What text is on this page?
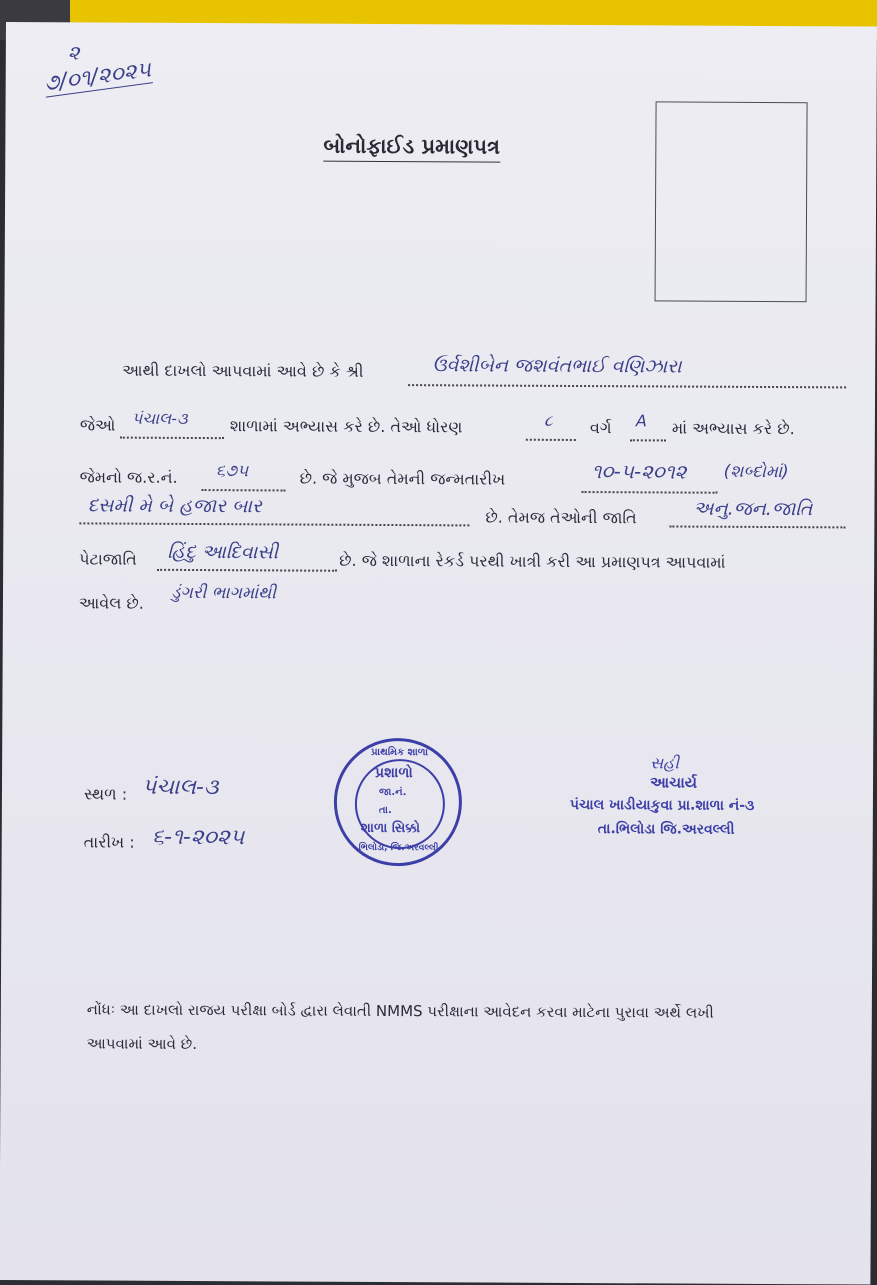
૨
૭/૦૧/૨૦૨૫
બોનોફાઈડ પ્રમાણપત્ર
આથી દાખલો આપવામાં આવે છે કે શ્રી	ઉર્વશીબેન જશવંતભાઈ વણિઝારા
જેઓ પંચાલ-૩	શાળામાં અભ્યાસ કરે છે. તેઓ ધોરણ	૮ વર્ગ A માં અભ્યાસ કરે છે.
જેમનો જ.ર.નં. ૬૭૫	છે. જે મુજબ તેમની જન્મતારીખ	૧૦-૫-૨૦૧૨ (શબ્દોમાં)
દસમી મે બે હજાર બાર
છે. તેમજ તેઓની જાતિ	અનુ.જન.જાતિ
પેટાજાતિ હિંદુ આદિવાસી	છે. જે શાળાના રેકર્ડ પરથી ખાત્રી કરી આ પ્રમાણપત્ર આપવામાં
આવેલ છે. ડુંગરી ભાગમાંથી
સ્થળ : પંચાલ-૩
તારીખ : ૬-૧-૨૦૨૫
પ્રાથમિક શાળા
પ્રશાળો
જા.નં.
તા.
શાળા સિક્કો
ભિલોડા, જિ.અરવલ્લી
સહી
આચાર્ય
પંચાલ ખાડીયાકુવા પ્રા.શાળા નં-૩
તા.ભિલોડા જિ.અરવલ્લી
નોંધઃ આ દાખલો રાજય પરીક્ષા બોર્ડ દ્વારા લેવાતી NMMS પરીક્ષાના આવેદન કરવા માટેના પુરાવા અર્થે લખી
આપવામાં આવે છે.
